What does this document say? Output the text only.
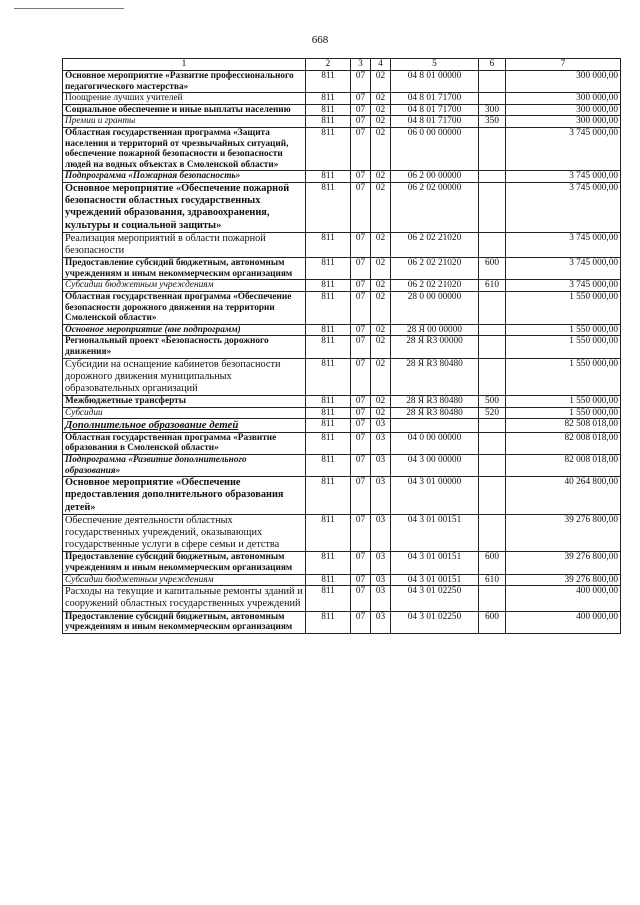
668
1	2	3	4	5	6	7
Основное мероприятие «Развитие профессионального педагогического мастерства»	811	07	02	04 8 01 00000		300 000,00
Поощрение лучших учителей	811	07	02	04 8 01 71700		300 000,00
Социальное обеспечение и иные выплаты населению	811	07	02	04 8 01 71700	300	300 000,00
Премии и гранты	811	07	02	04 8 01 71700	350	300 000,00
Областная государственная программа «Защита населения и территорий от чрезвычайных ситуаций, обеспечение пожарной безопасности и безопасности людей на водных объектах в Смоленской области»	811	07	02	06 0 00 00000		3 745 000,00
Подпрограмма «Пожарная безопасность»	811	07	02	06 2 00 00000		3 745 000,00
Основное мероприятие «Обеспечение пожарной безопасности областных государственных учреждений образования, здравоохранения, культуры и социальной защиты»	811	07	02	06 2 02 00000		3 745 000,00
Реализация мероприятий в области пожарной безопасности	811	07	02	06 2 02 21020		3 745 000,00
Предоставление субсидий бюджетным, автономным учреждениям и иным некоммерческим организациям	811	07	02	06 2 02 21020	600	3 745 000,00
Субсидии бюджетным учреждениям	811	07	02	06 2 02 21020	610	3 745 000,00
Областная государственная программа «Обеспечение безопасности дорожного движения на территории Смоленской области»	811	07	02	28 0 00 00000		1 550 000,00
Основное мероприятие (вне подпрограмм)	811	07	02	28 Я 00 00000		1 550 000,00
Региональный проект «Безопасность дорожного движения»	811	07	02	28 Я R3 00000		1 550 000,00
Субсидии на оснащение кабинетов безопасности дорожного движения муниципальных образовательных организаций	811	07	02	28 Я R3 80480		1 550 000,00
Межбюджетные трансферты	811	07	02	28 Я R3 80480	500	1 550 000,00
Субсидии	811	07	02	28 Я R3 80480	520	1 550 000,00
Дополнительное образование детей	811	07	03			82 508 018,00
Областная государственная программа «Развитие образования в Смоленской области»	811	07	03	04 0 00 00000		82 008 018,00
Подпрограмма «Развитие дополнительного образования»	811	07	03	04 3 00 00000		82 008 018,00
Основное мероприятие «Обеспечение предоставления дополнительного образования детей»	811	07	03	04 3 01 00000		40 264 800,00
Обеспечение деятельности областных государственных учреждений, оказывающих государственные услуги в сфере семьи и детства	811	07	03	04 3 01 00151		39 276 800,00
Предоставление субсидий бюджетным, автономным учреждениям и иным некоммерческим организациям	811	07	03	04 3 01 00151	600	39 276 800,00
Субсидии бюджетным учреждениям	811	07	03	04 3 01 00151	610	39 276 800,00
Расходы на текущие и капитальные ремонты зданий и сооружений областных государственных учреждений	811	07	03	04 3 01 02250		400 000,00
Предоставление субсидий бюджетным, автономным учреждениям и иным некоммерческим организациям	811	07	03	04 3 01 02250	600	400 000,00
